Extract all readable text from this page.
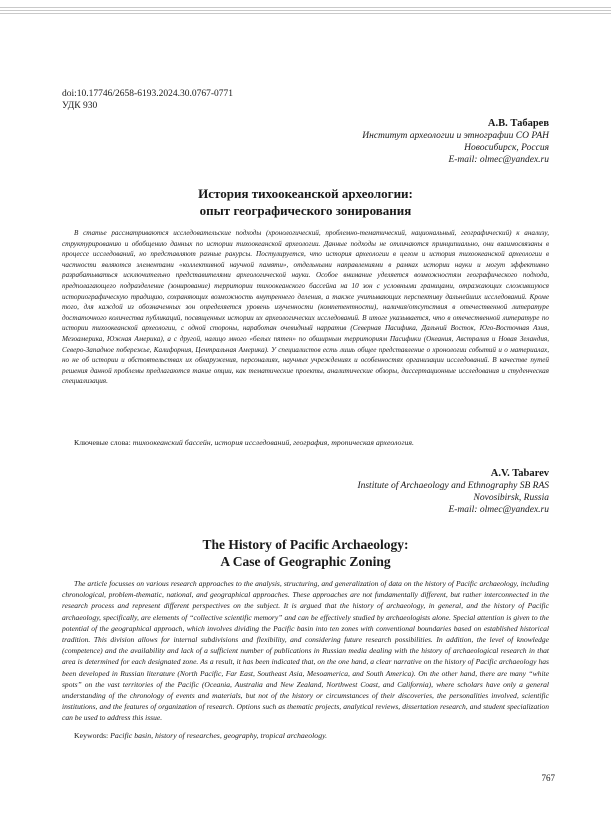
doi:10.17746/2658-6193.2024.30.0767-0771
УДК 930
А.В. Табарев
Институт археологии и этнографии СО РАН
Новосибирск, Россия
E-mail: olmec@yandex.ru
История тихоокеанской археологии:
опыт географического зонирования

В статье рассматриваются исследовательские подходы (хронологический, проблемно-тематический, национальный, географический) к анализу, структурированию и обобщению данных по истории тихоокеанской археологии. Данные подходы не отличаются принципиально, они взаимосвязаны в процессе исследований, но представляют разные ракурсы. Постулируется, что история археологии в целом и история тихоокеанской археологии в частности являются элементами «коллективной научной памяти», отдельными направлениями в рамках истории науки и могут эффективно разрабатываться исключительно представителями археологической науки. Особое внимание уделяется возможностям географического подхода, предполагающего подразделение (зонирование) территории тихоокеанского бассейна на 10 зон с условными границами, отражающих сложившуюся историографическую традицию, сохраняющих возможность внутреннего деления, а также учитывающих перспективу дальнейших исследований. Кроме того, для каждой из обозначенных зон определяется уровень изученности (компетентности), наличия/отсутствия в отечественной литературе достаточного количества публикаций, посвященных истории их археологических исследований. В итоге указывается, что в отечественной литературе по истории тихоокеанской археологии, с одной стороны, наработан очевидный нарратив (Северная Пасифика, Дальний Восток, Юго-Восточная Азия, Мезоамерика, Южная Америка), а с другой, налицо много «белых пятен» по обширным территориям Пасифики (Океания, Австралия и Новая Зеландия, Северо-Западное побережье, Калифорния, Центральная Америка). У специалистов есть лишь общее представление о хронологии событий и о материалах, но не об истории и обстоятельствах их обнаружения, персоналиях, научных учреждениях и особенностях организации исследований. В качестве путей решения данной проблемы предлагаются такие опции, как тематические проекты, аналитические обзоры, диссертационные исследования и студенческая специализация.

Ключевые слова: тихоокеанский бассейн, история исследований, география, тропическая археология.
A.V. Tabarev
Institute of Archaeology and Ethnography SB RAS
Novosibirsk, Russia
E-mail: olmec@yandex.ru
The History of Pacific Archaeology:
A Case of Geographic Zoning

The article focusses on various research approaches to the analysis, structuring, and generalization of data on the history of Pacific archaeology, including chronological, problem-thematic, national, and geographical approaches. These approaches are not fundamentally different, but rather interconnected in the research process and represent different perspectives on the subject. It is argued that the history of archaeology, in general, and the history of Pacific archaeology, specifically, are elements of “collective scientific memory” and can be effectively studied by archaeologists alone. Special attention is given to the potential of the geographical approach, which involves dividing the Pacific basin into ten zones with conventional boundaries based on established historical tradition. This division allows for internal subdivisions and flexibility, and considering future research possibilities. In addition, the level of knowledge (competence) and the availability and lack of a sufficient number of publications in Russian media dealing with the history of archaeological research in that area is determined for each designated zone. As a result, it has been indicated that, on the one hand, a clear narrative on the history of Pacific archaeology has been developed in Russian literature (North Pacific, Far East, Southeast Asia, Mesoamerica, and South America). On the other hand, there are many “white spots” on the vast territories of the Pacific (Oceania, Australia and New Zealand, Northwest Coast, and California), where scholars have only a general understanding of the chronology of events and materials, but not of the history or circumstances of their discoveries, the personalities involved, scientific institutions, and the features of organization of research. Options such as thematic projects, analytical reviews, dissertation research, and student specialization can be used to address this issue.

Keywords: Pacific basin, history of researches, geography, tropical archaeology.
767
